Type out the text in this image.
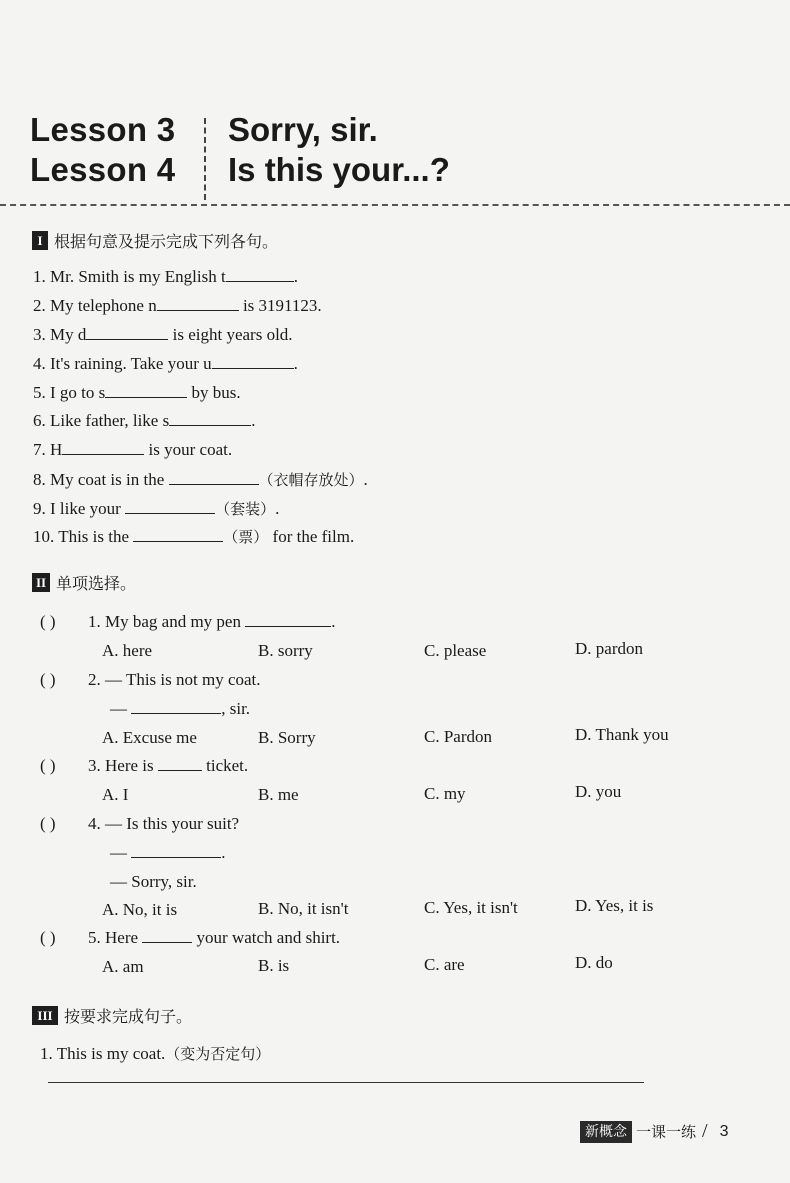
Lesson 3
Lesson 4
Sorry, sir.
Is this your...?
I 根据句意及提示完成下列各句。
1. Mr. Smith is my English t	.
2. My telephone n	is 3191123.
3. My d	is eight years old.
4. It's raining. Take your u	.
5. I go to s	by bus.
6. Like father, like s	.
7. H	is your coat.
8. My coat is in the	（衣帽存放处）.
9. I like your	（套装）.
10. This is the	（票） for the film.
II 单项选择。
( ) 1. My bag and my pen	.
A. here	B. sorry	C. please	D. pardon
( ) 2. — This is not my coat.
—	, sir.
A. Excuse me	B. Sorry	C. Pardon	D. Thank you
( ) 3. Here is	ticket.
A. I	B. me	C. my	D. you
( ) 4. — Is this your suit?
—	.
— Sorry, sir.
A. No, it is	B. No, it isn't	C. Yes, it isn't	D. Yes, it is
( ) 5. Here	your watch and shirt.
A. am	B. is	C. are	D. do
III 按要求完成句子。
1. This is my coat.（变为否定句）
新概念 一课一练 / 3
